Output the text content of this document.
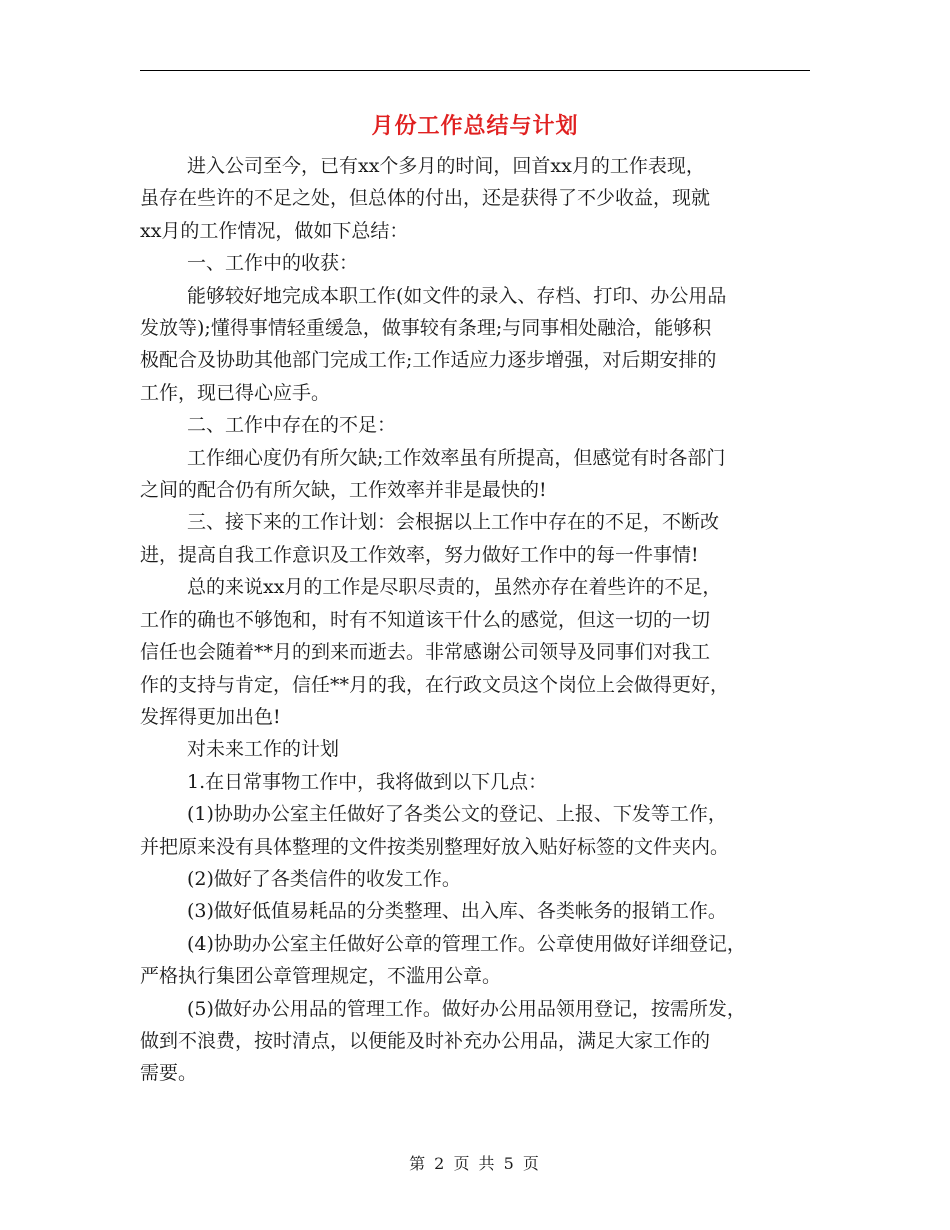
月份工作总结与计划

进入公司至今，已有xx个多月的时间，回首xx月的工作表现，

虽存在些许的不足之处，但总体的付出，还是获得了不少收益，现就

xx月的工作情况，做如下总结：

一、工作中的收获：

能够较好地完成本职工作(如文件的录入、存档、打印、办公用品

发放等);懂得事情轻重缓急，做事较有条理;与同事相处融洽，能够积

极配合及协助其他部门完成工作;工作适应力逐步增强，对后期安排的

工作，现已得心应手。

二、工作中存在的不足：

工作细心度仍有所欠缺;工作效率虽有所提高，但感觉有时各部门

之间的配合仍有所欠缺，工作效率并非是最快的!

三、接下来的工作计划：会根据以上工作中存在的不足，不断改

进，提高自我工作意识及工作效率，努力做好工作中的每一件事情!

总的来说xx月的工作是尽职尽责的，虽然亦存在着些许的不足，

工作的确也不够饱和，时有不知道该干什么的感觉，但这一切的一切

信任也会随着**月的到来而逝去。非常感谢公司领导及同事们对我工

作的支持与肯定，信任**月的我，在行政文员这个岗位上会做得更好，

发挥得更加出色!

对未来工作的计划

1.在日常事物工作中，我将做到以下几点：

(1)协助办公室主任做好了各类公文的登记、上报、下发等工作，

并把原来没有具体整理的文件按类别整理好放入贴好标签的文件夹内。

(2)做好了各类信件的收发工作。

(3)做好低值易耗品的分类整理、出入库、各类帐务的报销工作。

(4)协助办公室主任做好公章的管理工作。公章使用做好详细登记，

严格执行集团公章管理规定，不滥用公章。

(5)做好办公用品的管理工作。做好办公用品领用登记，按需所发，

做到不浪费，按时清点，以便能及时补充办公用品，满足大家工作的

需要。

第 2 页 共 5 页
